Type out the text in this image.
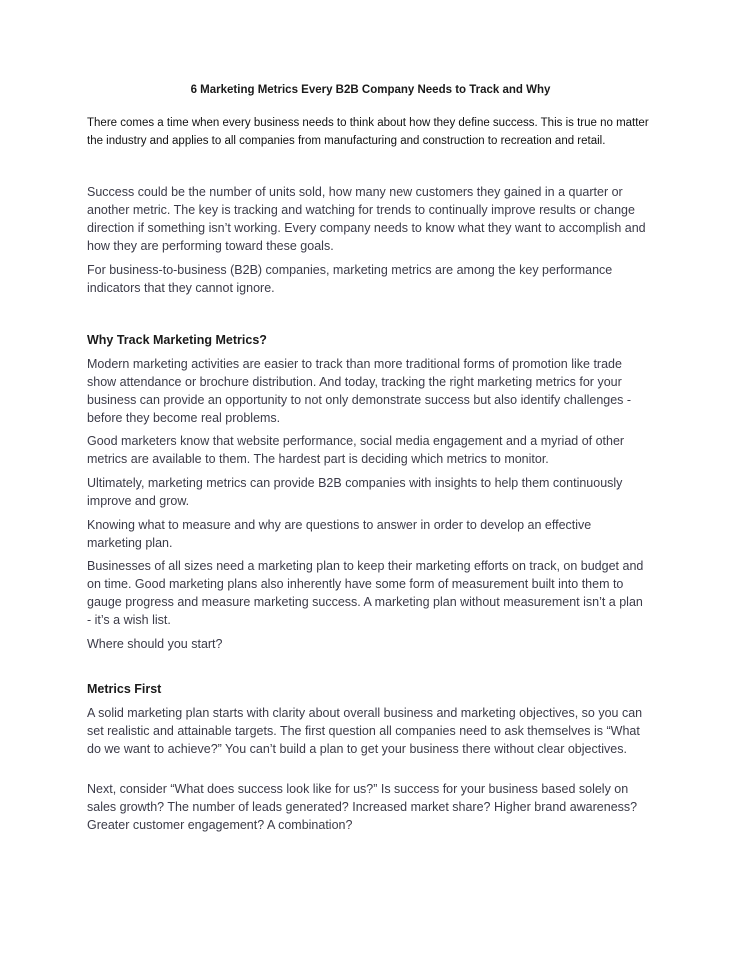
6 Marketing Metrics Every B2B Company Needs to Track and Why
There comes a time when every business needs to think about how they define success. This is true no matter the industry and applies to all companies from manufacturing and construction to recreation and retail.

Success could be the number of units sold, how many new customers they gained in a quarter or another metric. The key is tracking and watching for trends to continually improve results or change direction if something isn’t working. Every company needs to know what they want to accomplish and how they are performing toward these goals.

For business-to-business (B2B) companies, marketing metrics are among the key performance indicators that they cannot ignore.

Why Track Marketing Metrics?

Modern marketing activities are easier to track than more traditional forms of promotion like trade show attendance or brochure distribution. And today, tracking the right marketing metrics for your business can provide an opportunity to not only demonstrate success but also identify challenges - before they become real problems.

Good marketers know that website performance, social media engagement and a myriad of other metrics are available to them. The hardest part is deciding which metrics to monitor.

Ultimately, marketing metrics can provide B2B companies with insights to help them continuously improve and grow.

Knowing what to measure and why are questions to answer in order to develop an effective marketing plan.

Businesses of all sizes need a marketing plan to keep their marketing efforts on track, on budget and on time. Good marketing plans also inherently have some form of measurement built into them to gauge progress and measure marketing success. A marketing plan without measurement isn’t a plan - it’s a wish list.

Where should you start?

Metrics First

A solid marketing plan starts with clarity about overall business and marketing objectives, so you can set realistic and attainable targets. The first question all companies need to ask themselves is “What do we want to achieve?” You can’t build a plan to get your business there without clear objectives.

Next, consider “What does success look like for us?” Is success for your business based solely on sales growth? The number of leads generated? Increased market share? Higher brand awareness? Greater customer engagement? A combination?
